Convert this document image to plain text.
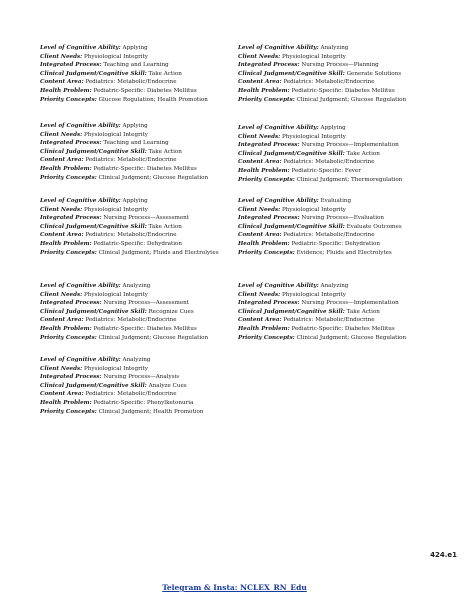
Level of Cognitive Ability: Applying
Client Needs: Physiological Integrity
Integrated Process: Teaching and Learning
Clinical Judgment/Cognitive Skill: Take Action
Content Area: Pediatrics: Metabolic/Endocrine
Health Problem: Pediatric-Specific: Diabetes Mellitus
Priority Concepts: Glucose Regulation; Health Promotion
Level of Cognitive Ability: Analyzing
Client Needs: Physiological Integrity
Integrated Process: Nursing Process—Planning
Clinical Judgment/Cognitive Skill: Generate Solutions
Content Area: Pediatrics: Metabolic/Endocrine
Health Problem: Pediatric-Specific: Diabetes Mellitus
Priority Concepts: Clinical Judgment; Glucose Regulation
Level of Cognitive Ability: Applying
Client Needs: Physiological Integrity
Integrated Process: Teaching and Learning
Clinical Judgment/Cognitive Skill: Take Action
Content Area: Pediatrics: Metabolic/Endocrine
Health Problem: Pediatric-Specific: Diabetes Mellitus
Priority Concepts: Clinical Judgment; Glucose Regulation
Level of Cognitive Ability: Applying
Client Needs: Physiological Integrity
Integrated Process: Nursing Process—Implementation
Clinical Judgment/Cognitive Skill: Take Action
Content Area: Pediatrics: Metabolic/Endocrine
Health Problem: Pediatric-Specific: Fever
Priority Concepts: Clinical Judgment; Thermoregulation
Level of Cognitive Ability: Applying
Client Needs: Physiological Integrity
Integrated Process: Nursing Process—Assessment
Clinical Judgment/Cognitive Skill: Take Action
Content Area: Pediatrics: Metabolic/Endocrine
Health Problem: Pediatric-Specific: Dehydration
Priority Concepts: Clinical Judgment; Fluids and Electrolytes
Level of Cognitive Ability: Evaluating
Client Needs: Physiological Integrity
Integrated Process: Nursing Process—Evaluation
Clinical Judgment/Cognitive Skill: Evaluate Outcomes
Content Area: Pediatrics: Metabolic/Endocrine
Health Problem: Pediatric-Specific: Dehydration
Priority Concepts: Evidence; Fluids and Electrolytes
Level of Cognitive Ability: Analyzing
Client Needs: Physiological Integrity
Integrated Process: Nursing Process—Assessment
Clinical Judgment/Cognitive Skill: Recognize Cues
Content Area: Pediatrics: Metabolic/Endocrine
Health Problem: Pediatric-Specific: Diabetes Mellitus
Priority Concepts: Clinical Judgment; Glucose Regulation
Level of Cognitive Ability: Analyzing
Client Needs: Physiological Integrity
Integrated Process: Nursing Process—Implementation
Clinical Judgment/Cognitive Skill: Take Action
Content Area: Pediatrics: Metabolic/Endocrine
Health Problem: Pediatric-Specific: Diabetes Mellitus
Priority Concepts: Clinical Judgment; Glucose Regulation
Level of Cognitive Ability: Analyzing
Client Needs: Physiological Integrity
Integrated Process: Nursing Process—Analysis
Clinical Judgment/Cognitive Skill: Analyze Cues
Content Area: Pediatrics: Metabolic/Endocrine
Health Problem: Pediatric-Specific: Phenylketonuria
Priority Concepts: Clinical Judgment; Health Promotion
424.e1
Telegram & Insta: NCLEX_RN_Edu
